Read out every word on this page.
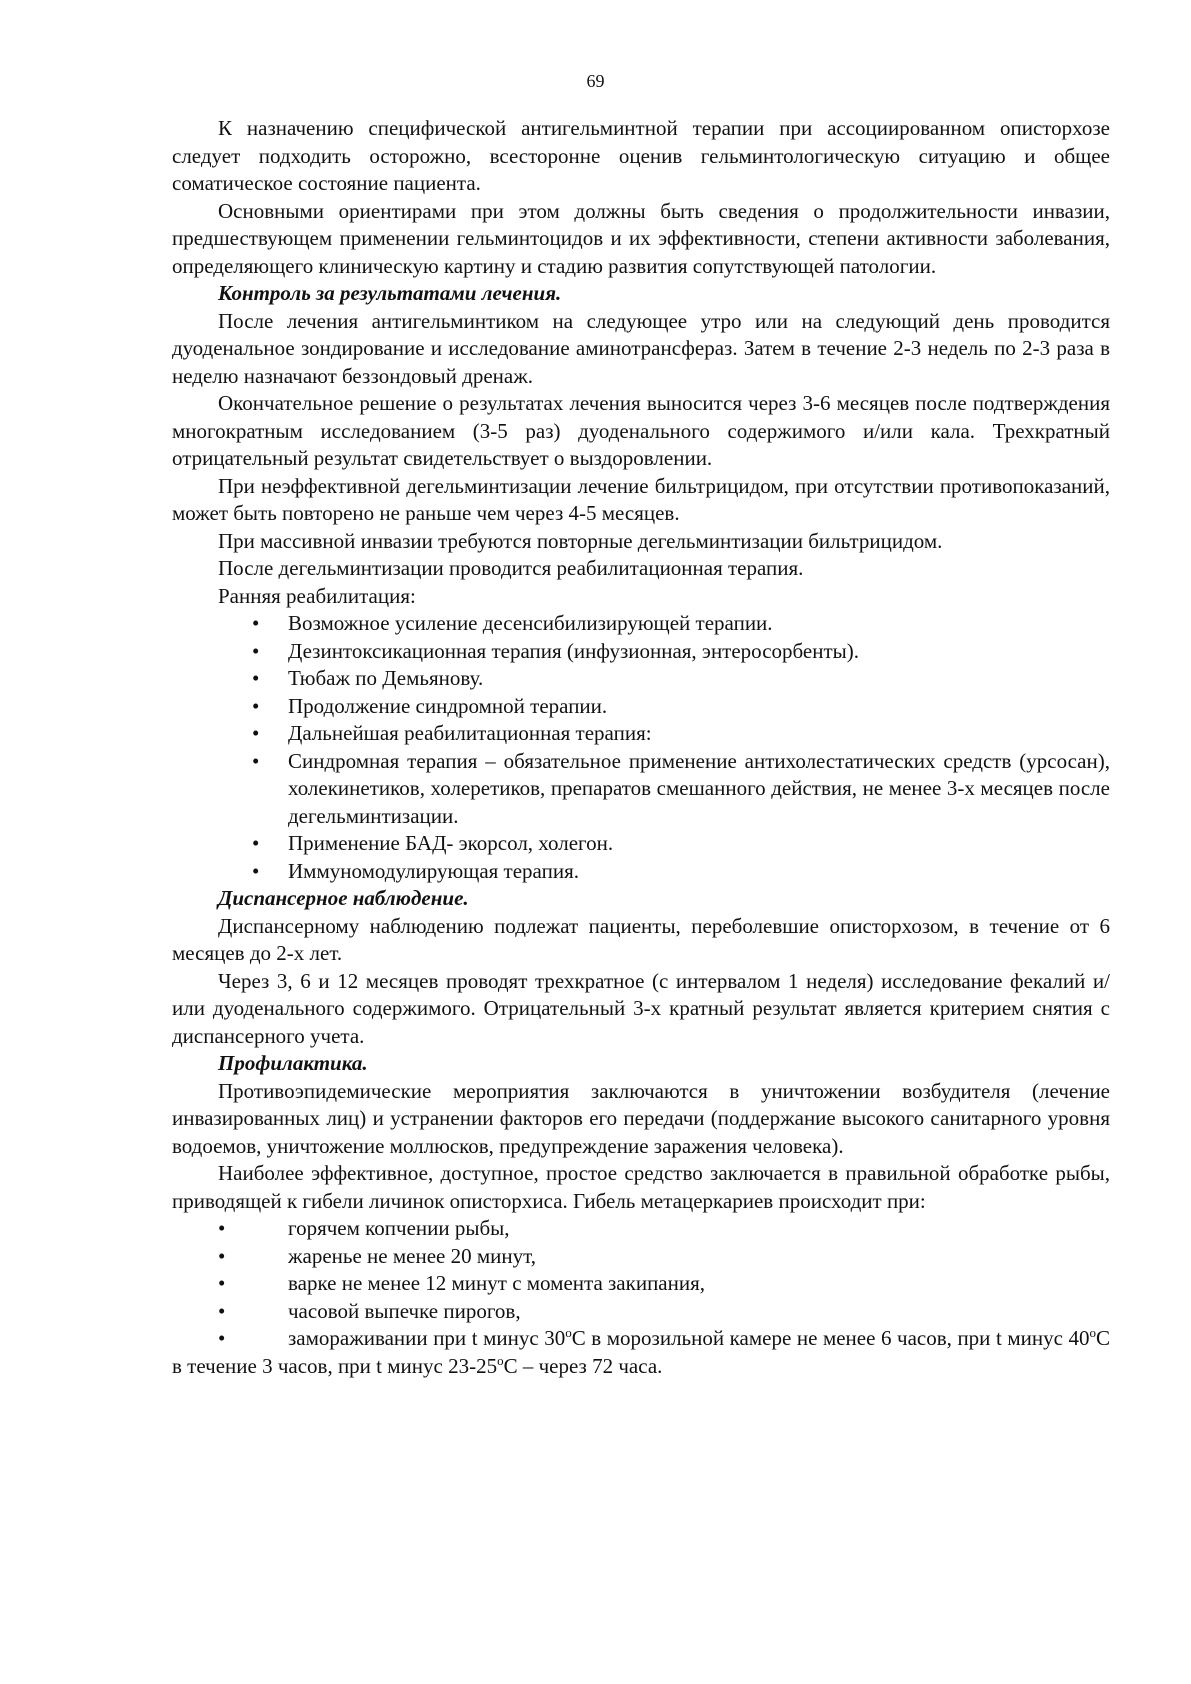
69

К назначению специфической антигельминтной терапии при ассоциированном описторхозе следует подходить осторожно, всесторонне оценив гельминтологическую ситуацию и общее соматическое состояние пациента.

Основными ориентирами при этом должны быть сведения о продолжительности инвазии, предшествующем применении гельминтоцидов и их эффективности, степени активности заболевания, определяющего клиническую картину и стадию развития сопутствующей патологии.

Контроль за результатами лечения.

После лечения антигельминтиком на следующее утро или на следующий день проводится дуоденальное зондирование и исследование аминотрансфераз. Затем в течение 2-3 недель по 2-3 раза в неделю назначают беззондовый дренаж.

Окончательное решение о результатах лечения выносится через 3-6 месяцев после подтверждения многократным исследованием (3-5 раз) дуоденального содержимого и/или кала. Трехкратный отрицательный результат свидетельствует о выздоровлении.

При неэффективной дегельминтизации лечение бильтрицидом, при отсутствии противопоказаний, может быть повторено не раньше чем через 4-5 месяцев.

При массивной инвазии требуются повторные дегельминтизации бильтрицидом.

После дегельминтизации проводится реабилитационная терапия.

Ранняя реабилитация:

• Возможное усиление десенсибилизирующей терапии.
• Дезинтоксикационная терапия (инфузионная, энтеросорбенты).
• Тюбаж по Демьянову.
• Продолжение синдромной терапии.
• Дальнейшая реабилитационная терапия:
• Синдромная терапия – обязательное применение антихолестатических средств (урсосан), холекинетиков, холеретиков, препаратов смешанного действия, не менее 3-х месяцев после дегельминтизации.
• Применение БАД- экорсол, холегон.
• Иммуномодулирующая терапия.
Диспансерное наблюдение.

Диспансерному наблюдению подлежат пациенты, переболевшие описторхозом, в течение от 6 месяцев до 2-х лет.

Через 3, 6 и 12 месяцев проводят трехкратное (с интервалом 1 неделя) исследование фекалий и/или дуоденального содержимого. Отрицательный 3-х кратный результат является критерием снятия с диспансерного учета.

Профилактика.

Противоэпидемические мероприятия заключаются в уничтожении возбудителя (лечение инвазированных лиц) и устранении факторов его передачи (поддержание высокого санитарного уровня водоемов, уничтожение моллюсков, предупреждение заражения человека).

Наиболее эффективное, доступное, простое средство заключается в правильной обработке рыбы, приводящей к гибели личинок описторхиса. Гибель метацеркариев происходит при:

• горячем копчении рыбы,
• жаренье не менее 20 минут,
• варке не менее 12 минут с момента закипания,
• часовой выпечке пирогов,

•	замораживании при t минус 30$^o$С в морозильной камере не менее 6 часов, при t минус 40$^o$С в течение 3 часов, при t минус 23-25$^o$С – через 72 часа.
